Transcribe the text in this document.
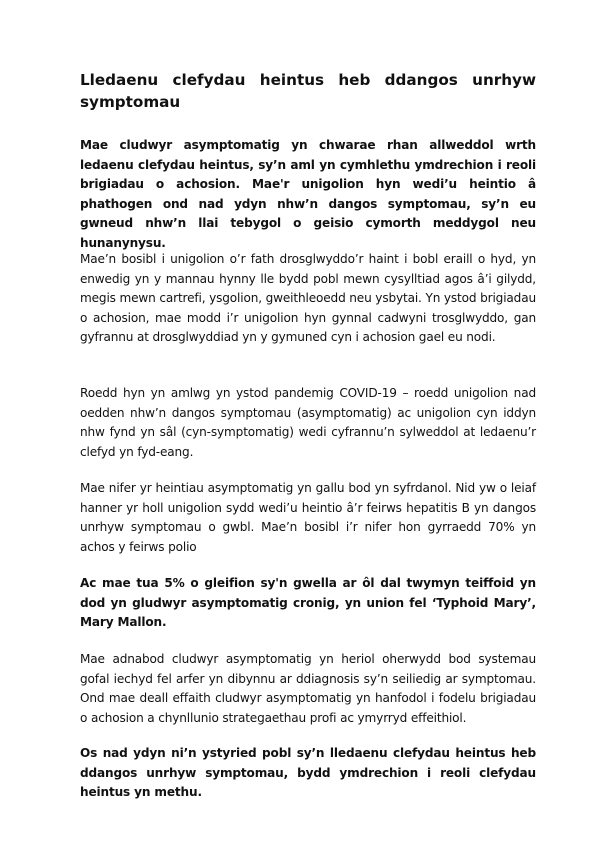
Lledaenu clefydau heintus heb ddangos unrhyw symptomau

Mae cludwyr asymptomatig yn chwarae rhan allweddol wrth ledaenu clefydau heintus, sy’n aml yn cymhlethu ymdrechion i reoli brigiadau o achosion. Mae'r unigolion hyn wedi’u heintio â phathogen ond nad ydyn nhw’n dangos symptomau, sy’n eu gwneud nhw’n llai tebygol o geisio cymorth meddygol neu hunanynysu.

Mae’n bosibl i unigolion o’r fath drosglwyddo’r haint i bobl eraill o hyd, yn enwedig yn y mannau hynny lle bydd pobl mewn cysylltiad agos â’i gilydd, megis mewn cartrefi, ysgolion, gweithleoedd neu ysbytai. Yn ystod brigiadau o achosion, mae modd i’r unigolion hyn gynnal cadwyni trosglwyddo, gan gyfrannu at drosglwyddiad yn y gymuned cyn i achosion gael eu nodi.

Roedd hyn yn amlwg yn ystod pandemig COVID-19 – roedd unigolion nad oedden nhw’n dangos symptomau (asymptomatig) ac unigolion cyn iddyn nhw fynd yn sâl (cyn-symptomatig) wedi cyfrannu’n sylweddol at ledaenu’r clefyd yn fyd-eang.

Mae nifer yr heintiau asymptomatig yn gallu bod yn syfrdanol. Nid yw o leiaf hanner yr holl unigolion sydd wedi’u heintio â’r feirws hepatitis B yn dangos unrhyw symptomau o gwbl. Mae’n bosibl i’r nifer hon gyrraedd 70% yn achos y feirws polio

Ac mae tua 5% o gleifion sy'n gwella ar ôl dal twymyn teiffoid yn dod yn gludwyr asymptomatig cronig, yn union fel ‘Typhoid Mary’, Mary Mallon.

Mae adnabod cludwyr asymptomatig yn heriol oherwydd bod systemau gofal iechyd fel arfer yn dibynnu ar ddiagnosis sy’n seiliedig ar symptomau. Ond mae deall effaith cludwyr asymptomatig yn hanfodol i fodelu brigiadau o achosion a chynllunio strategaethau profi ac ymyrryd effeithiol.

Os nad ydyn ni’n ystyried pobl sy’n lledaenu clefydau heintus heb ddangos unrhyw symptomau, bydd ymdrechion i reoli clefydau heintus yn methu.
